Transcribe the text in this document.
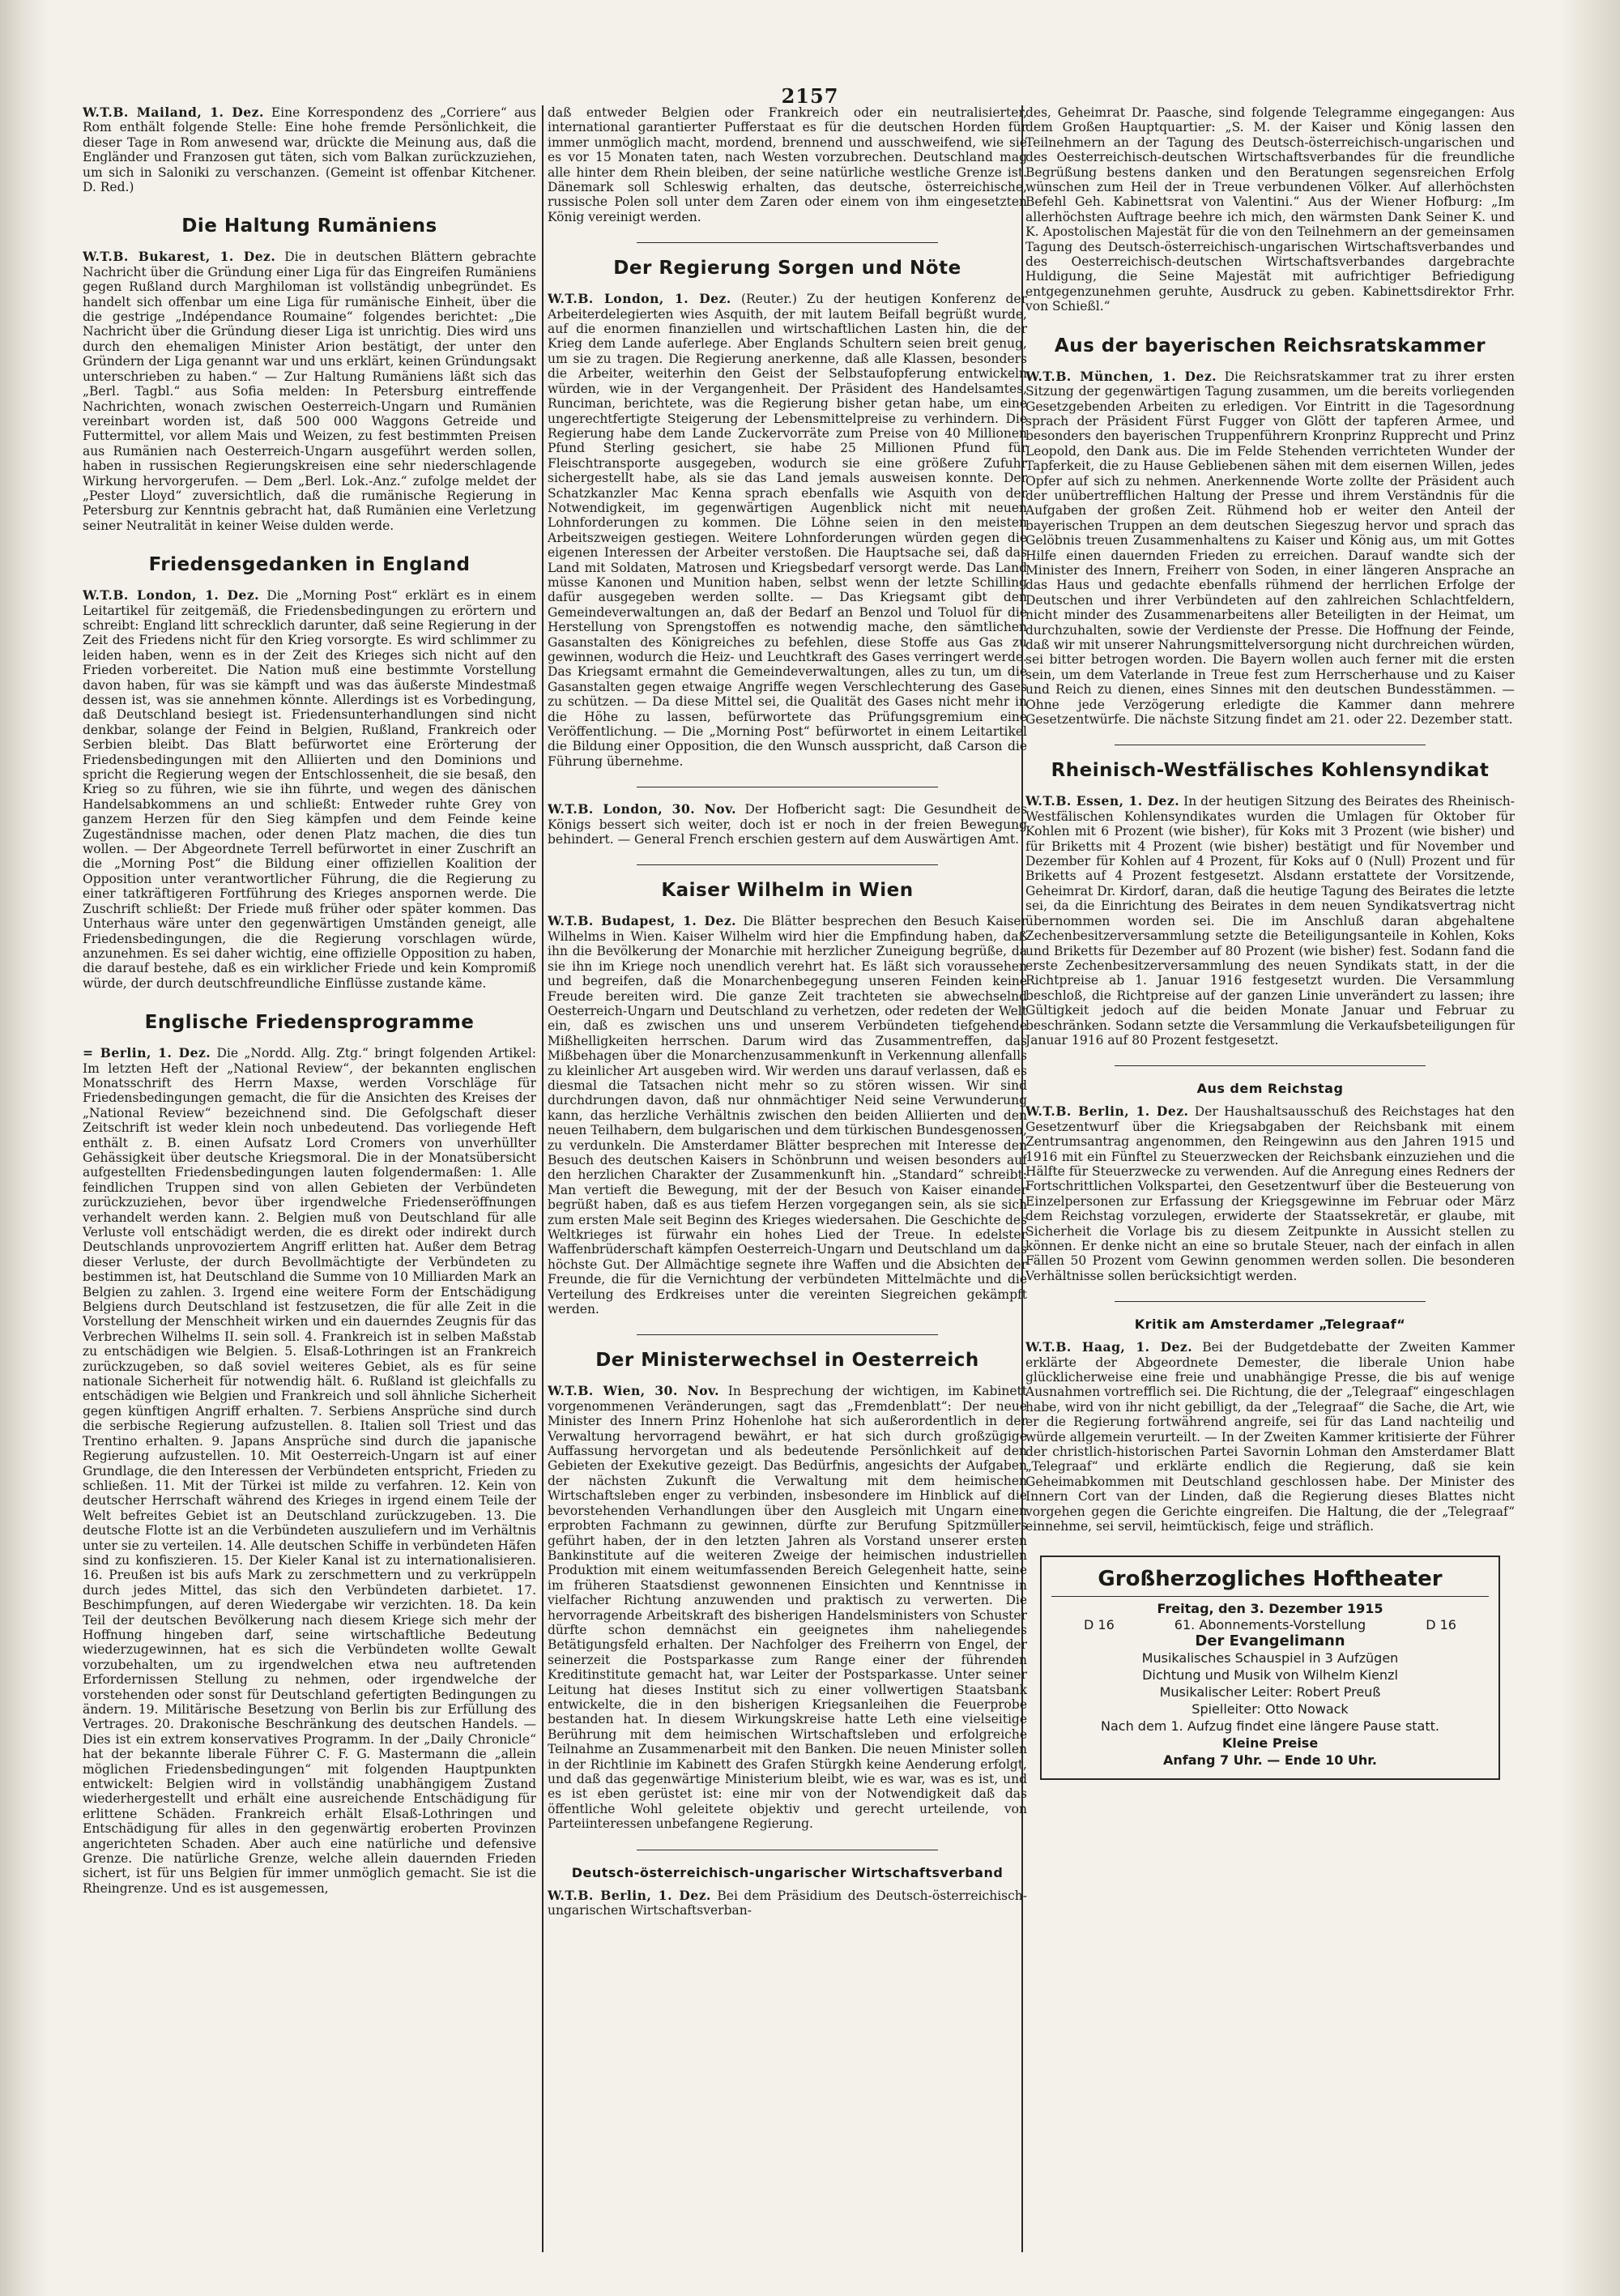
2157

W.T.B. Mailand, 1. Dez. Eine Korrespondenz des „Corriere“ aus Rom enthält folgende Stelle: Eine hohe fremde Persönlichkeit, die dieser Tage in Rom anwesend war, drückte die Meinung aus, daß die Engländer und Franzosen gut täten, sich vom Balkan zurückzuziehen, um sich in Saloniki zu verschanzen. (Gemeint ist offenbar Kitchener. D. Red.)

Die Haltung Rumäniens

W.T.B. Bukarest, 1. Dez. Die in deutschen Blättern gebrachte Nachricht über die Gründung einer Liga für das Eingreifen Rumäniens gegen Rußland durch Marghiloman ist vollständig unbegründet. Es handelt sich offenbar um eine Liga für rumänische Einheit, über die die gestrige „Indépendance Roumaine“ folgendes berichtet: „Die Nachricht über die Gründung dieser Liga ist unrichtig. Dies wird uns durch den ehemaligen Minister Arion bestätigt, der unter den Gründern der Liga genannt war und uns erklärt, keinen Gründungsakt unterschrieben zu haben.“ — Zur Haltung Rumäniens läßt sich das „Berl. Tagbl.“ aus Sofia melden: In Petersburg eintreffende Nachrichten, wonach zwischen Oesterreich-Ungarn und Rumänien vereinbart worden ist, daß 500 000 Waggons Getreide und Futtermittel, vor allem Mais und Weizen, zu fest bestimmten Preisen aus Rumänien nach Oesterreich-Ungarn ausgeführt werden sollen, haben in russischen Regierungskreisen eine sehr niederschlagende Wirkung hervorgerufen. — Dem „Berl. Lok.-Anz.“ zufolge meldet der „Pester Lloyd“ zuversichtlich, daß die rumänische Regierung in Petersburg zur Kenntnis gebracht hat, daß Rumänien eine Verletzung seiner Neutralität in keiner Weise dulden werde.

Friedensgedanken in England

W.T.B. London, 1. Dez. Die „Morning Post“ erklärt es in einem Leitartikel für zeitgemäß, die Friedensbedingungen zu erörtern und schreibt: England litt schrecklich darunter, daß seine Regierung in der Zeit des Friedens nicht für den Krieg vorsorgte. Es wird schlimmer zu leiden haben, wenn es in der Zeit des Krieges sich nicht auf den Frieden vorbereitet. Die Nation muß eine bestimmte Vorstellung davon haben, für was sie kämpft und was das äußerste Mindestmaß dessen ist, was sie annehmen könnte. Allerdings ist es Vorbedingung, daß Deutschland besiegt ist. Friedensunterhandlungen sind nicht denkbar, solange der Feind in Belgien, Rußland, Frankreich oder Serbien bleibt. Das Blatt befürwortet eine Erörterung der Friedensbedingungen mit den Alliierten und den Dominions und spricht die Regierung wegen der Entschlossenheit, die sie besaß, den Krieg so zu führen, wie sie ihn führte, und wegen des dänischen Handelsabkommens an und schließt: Entweder ruhte Grey von ganzem Herzen für den Sieg kämpfen und dem Feinde keine Zugeständnisse machen, oder denen Platz machen, die dies tun wollen. — Der Abgeordnete Terrell befürwortet in einer Zuschrift an die „Morning Post“ die Bildung einer offiziellen Koalition der Opposition unter verantwortlicher Führung, die die Regierung zu einer tatkräftigeren Fortführung des Krieges anspornen werde. Die Zuschrift schließt: Der Friede muß früher oder später kommen. Das Unterhaus wäre unter den gegenwärtigen Umständen geneigt, alle Friedensbedingungen, die die Regierung vorschlagen würde, anzunehmen. Es sei daher wichtig, eine offizielle Opposition zu haben, die darauf bestehe, daß es ein wirklicher Friede und kein Kompromiß würde, der durch deutschfreundliche Einflüsse zustande käme.

Englische Friedensprogramme

= Berlin, 1. Dez. Die „Nordd. Allg. Ztg.“ bringt folgenden Artikel: Im letzten Heft der „National Review“, der bekannten englischen Monatsschrift des Herrn Maxse, werden Vorschläge für Friedensbedingungen gemacht, die für die Ansichten des Kreises der „National Review“ bezeichnend sind. Die Gefolgschaft dieser Zeitschrift ist weder klein noch unbedeutend. Das vorliegende Heft enthält z. B. einen Aufsatz Lord Cromers von unverhüllter Gehässigkeit über deutsche Kriegsmoral. Die in der Monatsübersicht aufgestellten Friedensbedingungen lauten folgendermaßen: 1. Alle feindlichen Truppen sind von allen Gebieten der Verbündeten zurückzuziehen, bevor über irgendwelche Friedenseröffnungen verhandelt werden kann. 2. Belgien muß von Deutschland für alle Verluste voll entschädigt werden, die es direkt oder indirekt durch Deutschlands unprovoziertem Angriff erlitten hat. Außer dem Betrag dieser Verluste, der durch Bevollmächtigte der Verbündeten zu bestimmen ist, hat Deutschland die Summe von 10 Milliarden Mark an Belgien zu zahlen. 3. Irgend eine weitere Form der Entschädigung Belgiens durch Deutschland ist festzusetzen, die für alle Zeit in die Vorstellung der Menschheit wirken und ein dauerndes Zeugnis für das Verbrechen Wilhelms II. sein soll. 4. Frankreich ist in selben Maßstab zu entschädigen wie Belgien. 5. Elsaß-Lothringen ist an Frankreich zurückzugeben, so daß soviel weiteres Gebiet, als es für seine nationale Sicherheit für notwendig hält. 6. Rußland ist gleichfalls zu entschädigen wie Belgien und Frankreich und soll ähnliche Sicherheit gegen künftigen Angriff erhalten. 7. Serbiens Ansprüche sind durch die serbische Regierung aufzustellen. 8. Italien soll Triest und das Trentino erhalten. 9. Japans Ansprüche sind durch die japanische Regierung aufzustellen. 10. Mit Oesterreich-Ungarn ist auf einer Grundlage, die den Interessen der Verbündeten entspricht, Frieden zu schließen. 11. Mit der Türkei ist milde zu verfahren. 12. Kein von deutscher Herrschaft während des Krieges in irgend einem Teile der Welt befreites Gebiet ist an Deutschland zurückzugeben. 13. Die deutsche Flotte ist an die Verbündeten auszuliefern und im Verhältnis unter sie zu verteilen. 14. Alle deutschen Schiffe in verbündeten Häfen sind zu konfiszieren. 15. Der Kieler Kanal ist zu internationalisieren. 16. Preußen ist bis aufs Mark zu zerschmettern und zu verkrüppeln durch jedes Mittel, das sich den Verbündeten darbietet. 17. Beschimpfungen, auf deren Wiedergabe wir verzichten. 18. Da kein Teil der deutschen Bevölkerung nach diesem Kriege sich mehr der Hoffnung hingeben darf, seine wirtschaftliche Bedeutung wiederzugewinnen, hat es sich die Verbündeten wollte Gewalt vorzubehalten, um zu irgendwelchen etwa neu auftretenden Erfordernissen Stellung zu nehmen, oder irgendwelche der vorstehenden oder sonst für Deutschland gefertigten Bedingungen zu ändern. 19. Militärische Besetzung von Berlin bis zur Erfüllung des Vertrages. 20. Drakonische Beschränkung des deutschen Handels. — Dies ist ein extrem konservatives Programm. In der „Daily Chronicle“ hat der bekannte liberale Führer C. F. G. Mastermann die „allein möglichen Friedensbedingungen“ mit folgenden Hauptpunkten entwickelt: Belgien wird in vollständig unabhängigem Zustand wiederhergestellt und erhält eine ausreichende Entschädigung für erlittene Schäden. Frankreich erhält Elsaß-Lothringen und Entschädigung für alles in den gegenwärtig eroberten Provinzen angerichteten Schaden. Aber auch eine natürliche und defensive Grenze. Die natürliche Grenze, welche allein dauernden Frieden sichert, ist für uns Belgien für immer unmöglich gemacht. Sie ist die Rheingrenze. Und es ist ausgemessen,

daß entweder Belgien oder Frankreich oder ein neutralisierter, international garantierter Pufferstaat es für die deutschen Horden für immer unmöglich macht, mordend, brennend und ausschweifend, wie sie es vor 15 Monaten taten, nach Westen vorzubrechen. Deutschland mag alle hinter dem Rhein bleiben, der seine natürliche westliche Grenze ist. Dänemark soll Schleswig erhalten, das deutsche, österreichische, russische Polen soll unter dem Zaren oder einem von ihm eingesetzten König vereinigt werden.

Der Regierung Sorgen und Nöte

W.T.B. London, 1. Dez. (Reuter.) Zu der heutigen Konferenz der Arbeiterdelegierten wies Asquith, der mit lautem Beifall begrüßt wurde, auf die enormen finanziellen und wirtschaftlichen Lasten hin, die der Krieg dem Lande auferlege. Aber Englands Schultern seien breit genug, um sie zu tragen. Die Regierung anerkenne, daß alle Klassen, besonders die Arbeiter, weiterhin den Geist der Selbstaufopferung entwickeln würden, wie in der Vergangenheit. Der Präsident des Handelsamtes, Runciman, berichtete, was die Regierung bisher getan habe, um eine ungerechtfertigte Steigerung der Lebensmittelpreise zu verhindern. Die Regierung habe dem Lande Zuckervorräte zum Preise von 40 Millionen Pfund Sterling gesichert, sie habe 25 Millionen Pfund für Fleischtransporte ausgegeben, wodurch sie eine größere Zufuhr sichergestellt habe, als sie das Land jemals ausweisen konnte. Der Schatzkanzler Mac Kenna sprach ebenfalls wie Asquith von der Notwendigkeit, im gegenwärtigen Augenblick nicht mit neuen Lohnforderungen zu kommen. Die Löhne seien in den meisten Arbeitszweigen gestiegen. Weitere Lohnforderungen würden gegen die eigenen Interessen der Arbeiter verstoßen. Die Hauptsache sei, daß das Land mit Soldaten, Matrosen und Kriegsbedarf versorgt werde. Das Land müsse Kanonen und Munition haben, selbst wenn der letzte Schilling dafür ausgegeben werden sollte. — Das Kriegsamt gibt den Gemeindeverwaltungen an, daß der Bedarf an Benzol und Toluol für die Herstellung von Sprengstoffen es notwendig mache, den sämtlichen Gasanstalten des Königreiches zu befehlen, diese Stoffe aus Gas zu gewinnen, wodurch die Heiz- und Leuchtkraft des Gases verringert werde. Das Kriegsamt ermahnt die Gemeindeverwaltungen, alles zu tun, um die Gasanstalten gegen etwaige Angriffe wegen Verschlechterung des Gases zu schützen. — Da diese Mittel sei, die Qualität des Gases nicht mehr in die Höhe zu lassen, befürwortete das Prüfungsgremium eine Veröffentlichung. — Die „Morning Post“ befürwortet in einem Leitartikel die Bildung einer Opposition, die den Wunsch ausspricht, daß Carson die Führung übernehme.

W.T.B. London, 30. Nov. Der Hofbericht sagt: Die Gesundheit des Königs bessert sich weiter, doch ist er noch in der freien Bewegung behindert. — General French erschien gestern auf dem Auswärtigen Amt.

Kaiser Wilhelm in Wien

W.T.B. Budapest, 1. Dez. Die Blätter besprechen den Besuch Kaiser Wilhelms in Wien. Kaiser Wilhelm wird hier die Empfindung haben, daß ihn die Bevölkerung der Monarchie mit herzlicher Zuneigung begrüße, da sie ihn im Kriege noch unendlich verehrt hat. Es läßt sich voraussehen und begreifen, daß die Monarchenbegegung unseren Feinden keine Freude bereiten wird. Die ganze Zeit trachteten sie abwechselnd Oesterreich-Ungarn und Deutschland zu verhetzen, oder redeten der Welt ein, daß es zwischen uns und unserem Verbündeten tiefgehende Mißhelligkeiten herrschen. Darum wird das Zusammentreffen, das Mißbehagen über die Monarchenzusammenkunft in Verkennung allenfalls zu kleinlicher Art ausgeben wird. Wir werden uns darauf verlassen, daß es diesmal die Tatsachen nicht mehr so zu stören wissen. Wir sind durchdrungen davon, daß nur ohnmächtiger Neid seine Verwunderung kann, das herzliche Verhältnis zwischen den beiden Alliierten und den neuen Teilhabern, dem bulgarischen und dem türkischen Bundesgenossen, zu verdunkeln. Die Amsterdamer Blätter besprechen mit Interesse den Besuch des deutschen Kaisers in Schönbrunn und weisen besonders auf den herzlichen Charakter der Zusammenkunft hin. „Standard“ schreibt: Man vertieft die Bewegung, mit der der Besuch von Kaiser einander begrüßt haben, daß es aus tiefem Herzen vorgegangen sein, als sie sich zum ersten Male seit Beginn des Krieges wiedersahen. Die Geschichte des Weltkrieges ist fürwahr ein hohes Lied der Treue. In edelster Waffenbrüderschaft kämpfen Oesterreich-Ungarn und Deutschland um das höchste Gut. Der Allmächtige segnete ihre Waffen und die Absichten der Freunde, die für die Vernichtung der verbündeten Mittelmächte und die Verteilung des Erdkreises unter die vereinten Siegreichen gekämpft werden.

Der Ministerwechsel in Oesterreich

W.T.B. Wien, 30. Nov. In Besprechung der wichtigen, im Kabinett vorgenommenen Veränderungen, sagt das „Fremdenblatt“: Der neue Minister des Innern Prinz Hohenlohe hat sich außerordentlich in der Verwaltung hervorragend bewährt, er hat sich durch großzügige Auffassung hervorgetan und als bedeutende Persönlichkeit auf den Gebieten der Exekutive gezeigt. Das Bedürfnis, angesichts der Aufgaben der nächsten Zukunft die Verwaltung mit dem heimischen Wirtschaftsleben enger zu verbinden, insbesondere im Hinblick auf die bevorstehenden Verhandlungen über den Ausgleich mit Ungarn einen erprobten Fachmann zu gewinnen, dürfte zur Berufung Spitzmüllers geführt haben, der in den letzten Jahren als Vorstand unserer ersten Bankinstitute auf die weiteren Zweige der heimischen industriellen Produktion mit einem weitumfassenden Bereich Gelegenheit hatte, seine im früheren Staatsdienst gewonnenen Einsichten und Kenntnisse in vielfacher Richtung anzuwenden und praktisch zu verwerten. Die hervorragende Arbeitskraft des bisherigen Handelsministers von Schuster dürfte schon demnächst ein geeignetes ihm naheliegendes Betätigungsfeld erhalten. Der Nachfolger des Freiherrn von Engel, der seinerzeit die Postsparkasse zum Range einer der führenden Kreditinstitute gemacht hat, war Leiter der Postsparkasse. Unter seiner Leitung hat dieses Institut sich zu einer vollwertigen Staatsbank entwickelte, die in den bisherigen Kriegsanleihen die Feuerprobe bestanden hat. In diesem Wirkungskreise hatte Leth eine vielseitige Berührung mit dem heimischen Wirtschaftsleben und erfolgreiche Teilnahme an Zusammenarbeit mit den Banken. Die neuen Minister sollen in der Richtlinie im Kabinett des Grafen Stürgkh keine Aenderung erfolgt, und daß das gegenwärtige Ministerium bleibt, wie es war, was es ist, und es ist eben gerüstet ist: eine mir von der Notwendigkeit daß das öffentliche Wohl geleitete objektiv und gerecht urteilende, von Parteiinteressen unbefangene Regierung.

Deutsch-österreichisch-ungarischer Wirtschaftsverband

W.T.B. Berlin, 1. Dez. Bei dem Präsidium des Deutsch-österreichisch-ungarischen Wirtschaftsverban-

des, Geheimrat Dr. Paasche, sind folgende Telegramme eingegangen: Aus dem Großen Hauptquartier: „S. M. der Kaiser und König lassen den Teilnehmern an der Tagung des Deutsch-österreichisch-ungarischen und des Oesterreichisch-deutschen Wirtschaftsverbandes für die freundliche Begrüßung bestens danken und den Beratungen segensreichen Erfolg wünschen zum Heil der in Treue verbundenen Völker. Auf allerhöchsten Befehl Geh. Kabinettsrat von Valentini.“ Aus der Wiener Hofburg: „Im allerhöchsten Auftrage beehre ich mich, den wärmsten Dank Seiner K. und K. Apostolischen Majestät für die von den Teilnehmern an der gemeinsamen Tagung des Deutsch-österreichisch-ungarischen Wirtschaftsverbandes und des Oesterreichisch-deutschen Wirtschaftsverbandes dargebrachte Huldigung, die Seine Majestät mit aufrichtiger Befriedigung entgegenzunehmen geruhte, Ausdruck zu geben. Kabinettsdirektor Frhr. von Schießl.“

Aus der bayerischen Reichsratskammer

W.T.B. München, 1. Dez. Die Reichsratskammer trat zu ihrer ersten Sitzung der gegenwärtigen Tagung zusammen, um die bereits vorliegenden Gesetzgebenden Arbeiten zu erledigen. Vor Eintritt in die Tagesordnung sprach der Präsident Fürst Fugger von Glött der tapferen Armee, und besonders den bayerischen Truppenführern Kronprinz Rupprecht und Prinz Leopold, den Dank aus. Die im Felde Stehenden verrichteten Wunder der Tapferkeit, die zu Hause Gebliebenen sähen mit dem eisernen Willen, jedes Opfer auf sich zu nehmen. Anerkennende Worte zollte der Präsident auch der unübertrefflichen Haltung der Presse und ihrem Verständnis für die Aufgaben der großen Zeit. Rühmend hob er weiter den Anteil der bayerischen Truppen an dem deutschen Siegeszug hervor und sprach das Gelöbnis treuen Zusammenhaltens zu Kaiser und König aus, um mit Gottes Hilfe einen dauernden Frieden zu erreichen. Darauf wandte sich der Minister des Innern, Freiherr von Soden, in einer längeren Ansprache an das Haus und gedachte ebenfalls rühmend der herrlichen Erfolge der Deutschen und ihrer Verbündeten auf den zahlreichen Schlachtfeldern, nicht minder des Zusammenarbeitens aller Beteiligten in der Heimat, um durchzuhalten, sowie der Verdienste der Presse. Die Hoffnung der Feinde, daß wir mit unserer Nahrungsmittelversorgung nicht durchreichen würden, sei bitter betrogen worden. Die Bayern wollen auch ferner mit die ersten sein, um dem Vaterlande in Treue fest zum Herrscherhause und zu Kaiser und Reich zu dienen, eines Sinnes mit den deutschen Bundesstämmen. — Ohne jede Verzögerung erledigte die Kammer dann mehrere Gesetzentwürfe. Die nächste Sitzung findet am 21. oder 22. Dezember statt.

Rheinisch-Westfälisches Kohlensyndikat

W.T.B. Essen, 1. Dez. In der heutigen Sitzung des Beirates des Rheinisch-Westfälischen Kohlensyndikates wurden die Umlagen für Oktober für Kohlen mit 6 Prozent (wie bisher), für Koks mit 3 Prozent (wie bisher) und für Briketts mit 4 Prozent (wie bisher) bestätigt und für November und Dezember für Kohlen auf 4 Prozent, für Koks auf 0 (Null) Prozent und für Briketts auf 4 Prozent festgesetzt. Alsdann erstattete der Vorsitzende, Geheimrat Dr. Kirdorf, daran, daß die heutige Tagung des Beirates die letzte sei, da die Einrichtung des Beirates in dem neuen Syndikatsvertrag nicht übernommen worden sei. Die im Anschluß daran abgehaltene Zechenbesitzerversammlung setzte die Beteiligungsanteile in Kohlen, Koks und Briketts für Dezember auf 80 Prozent (wie bisher) fest. Sodann fand die erste Zechenbesitzerversammlung des neuen Syndikats statt, in der die Richtpreise ab 1. Januar 1916 festgesetzt wurden. Die Versammlung beschloß, die Richtpreise auf der ganzen Linie unverändert zu lassen; ihre Gültigkeit jedoch auf die beiden Monate Januar und Februar zu beschränken. Sodann setzte die Versammlung die Verkaufsbeteiligungen für Januar 1916 auf 80 Prozent festgesetzt.

Aus dem Reichstag

W.T.B. Berlin, 1. Dez. Der Haushaltsausschuß des Reichstages hat den Gesetzentwurf über die Kriegsabgaben der Reichsbank mit einem Zentrumsantrag angenommen, den Reingewinn aus den Jahren 1915 und 1916 mit ein Fünftel zu Steuerzwecken der Reichsbank einzuziehen und die Hälfte für Steuerzwecke zu verwenden. Auf die Anregung eines Redners der Fortschrittlichen Volkspartei, den Gesetzentwurf über die Besteuerung von Einzelpersonen zur Erfassung der Kriegsgewinne im Februar oder März dem Reichstag vorzulegen, erwiderte der Staatssekretär, er glaube, mit Sicherheit die Vorlage bis zu diesem Zeitpunkte in Aussicht stellen zu können. Er denke nicht an eine so brutale Steuer, nach der einfach in allen Fällen 50 Prozent vom Gewinn genommen werden sollen. Die besonderen Verhältnisse sollen berücksichtigt werden.

Kritik am Amsterdamer „Telegraaf“

W.T.B. Haag, 1. Dez. Bei der Budgetdebatte der Zweiten Kammer erklärte der Abgeordnete Demester, die liberale Union habe glücklicherweise eine freie und unabhängige Presse, die bis auf wenige Ausnahmen vortrefflich sei. Die Richtung, die der „Telegraaf“ eingeschlagen habe, wird von ihr nicht gebilligt, da der „Telegraaf“ die Sache, die Art, wie er die Regierung fortwährend angreife, sei für das Land nachteilig und würde allgemein verurteilt. — In der Zweiten Kammer kritisierte der Führer der christlich-historischen Partei Savornin Lohman den Amsterdamer Blatt „Telegraaf“ und erklärte endlich die Regierung, daß sie kein Geheimabkommen mit Deutschland geschlossen habe. Der Minister des Innern Cort van der Linden, daß die Regierung dieses Blattes nicht vorgehen gegen die Gerichte eingreifen. Die Haltung, die der „Telegraaf“ einnehme, sei servil, heimtückisch, feige und sträflich.

Großherzogliches Hoftheater

Freitag, den 3. Dezember 1915

D 16	61. Abonnements-Vorstellung	D 16

Der Evangelimann

Musikalisches Schauspiel in 3 Aufzügen

Dichtung und Musik von Wilhelm Kienzl

Musikalischer Leiter: Robert Preuß

Spielleiter: Otto Nowack

Nach dem 1. Aufzug findet eine längere Pause statt.

Kleine Preise

Anfang 7 Uhr. — Ende 10 Uhr.
